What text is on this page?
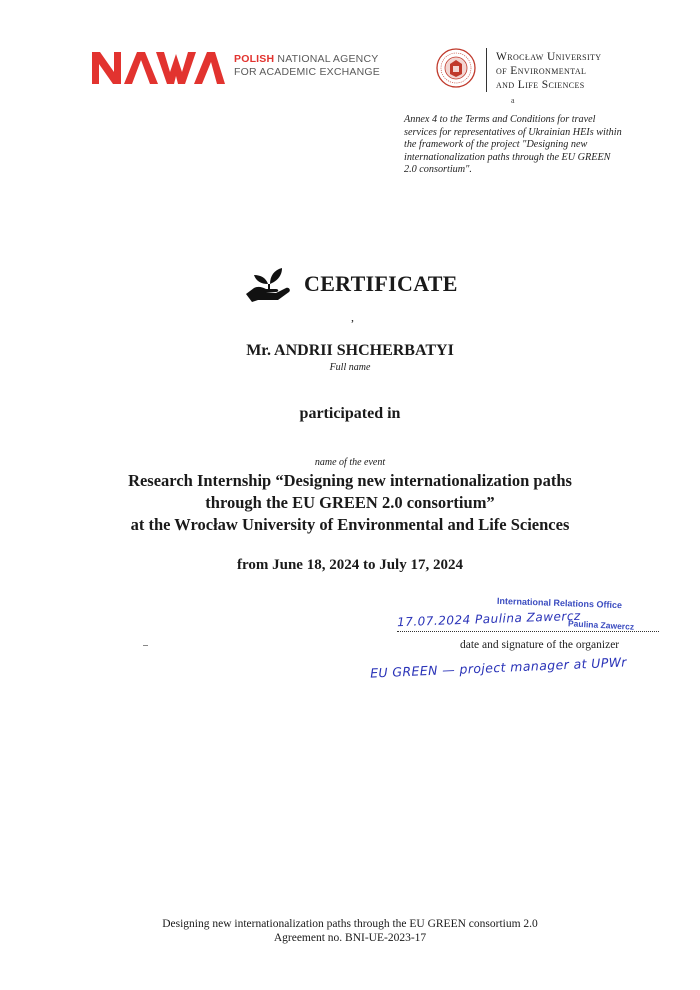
POLISH NATIONAL AGENCY
FOR ACADEMIC EXCHANGE
Wrocław University
of Environmental
and Life Sciences
a
Annex 4 to the Terms and Conditions for travel
services for representatives of Ukrainian HEIs within
the framework of the project "Designing new
internationalization paths through the EU GREEN
2.0 consortium".
CERTIFICATE
,
Mr. ANDRII SHCHERBATYI
Full name
participated in
name of the event
Research Internship “Designing new internationalization paths
through the EU GREEN 2.0 consortium”
at the Wrocław University of Environmental and Life Sciences
from June 18, 2024 to July 17, 2024
International Relations Office
17.07.2024 Paulina Zawercz
Paulina Zawercz
date and signature of the organizer
EU GREEN — project manager at UPWr
Designing new internationalization paths through the EU GREEN consortium 2.0
Agreement no. BNI-UE-2023-17
